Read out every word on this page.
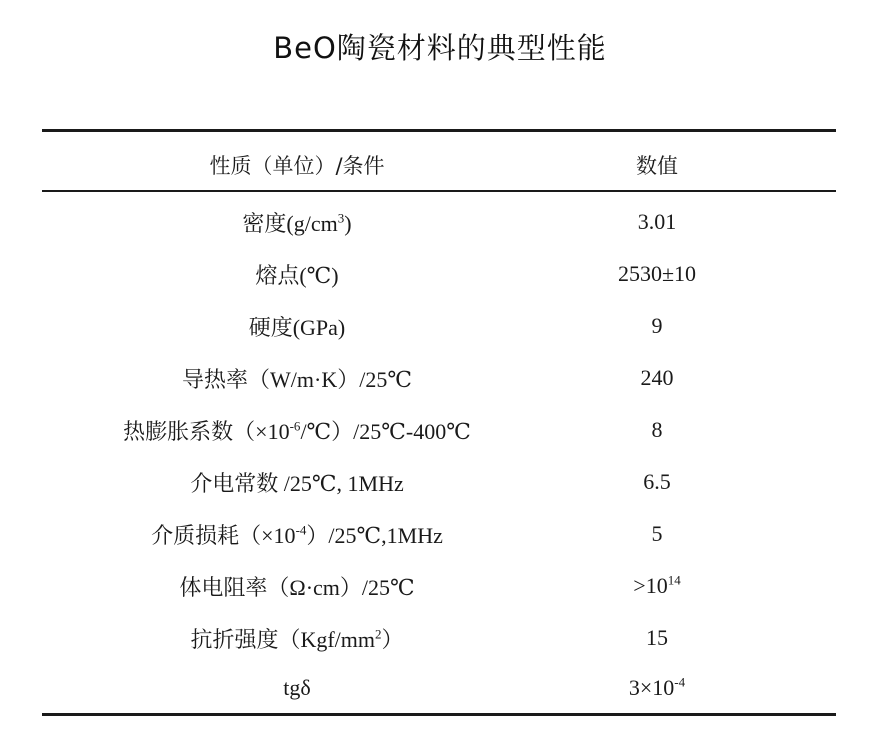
BeO陶瓷材料的典型性能
性质（单位）/条件	数值
密度$(g/cm^3)$	3.01
熔点(℃)	2530±10
硬度(GPa)	9
导热率（W/m·K）/25℃	240
热膨胀系数$(\times 10^{-6}/℃)/25℃-400℃$	8
介电常数 /25℃, 1MHz	6.5
介质损耗$(\times 10^{-4})/25℃,1MHz$	5
体电阻率（Ω·cm）/25℃	$>10^{14}$
抗折强度$(Kgf/mm^2)$	15
tgδ	$3\times 10^{-4}$
